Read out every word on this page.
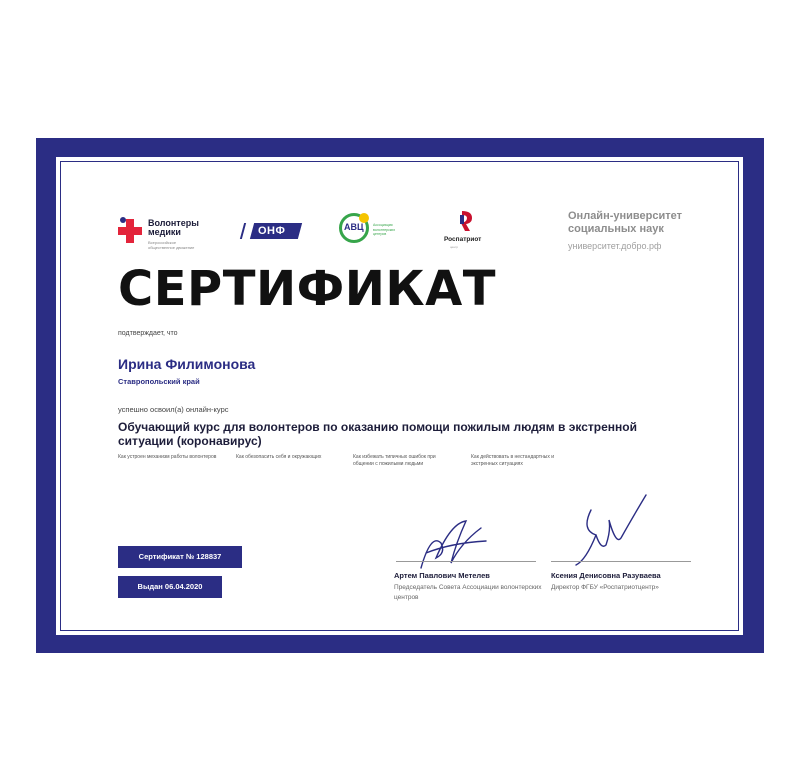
Волонтеры
медики
Всероссийское общественное движение
ОНФ	АВЦ	Ассоциация волонтерских центров
Роспатриот
центр
Онлайн-университет социальных наук
университет.добро.рф
СЕРТИФИКАТ
подтверждает, что
Ирина Филимонова
Ставропольский край
успешно освоил(а) онлайн-курс
Обучающий курс для волонтеров по оказанию помощи пожилым людям в экстренной ситуации (коронавирус)
Как устроен механизм работы волонтеров	Как обезопасить себя и окружающих	Как избежать типичных ошибок при общении с пожилыми людьми
Как действовать в нестандартных и экстренных ситуациях
Сертификат № 128837
Выдан 06.04.2020
Артем Павлович Метелев
Председатель Совета Ассоциации волонтерских центров
Ксения Денисовна Разуваева
Директор ФГБУ «Роспатриотцентр»
